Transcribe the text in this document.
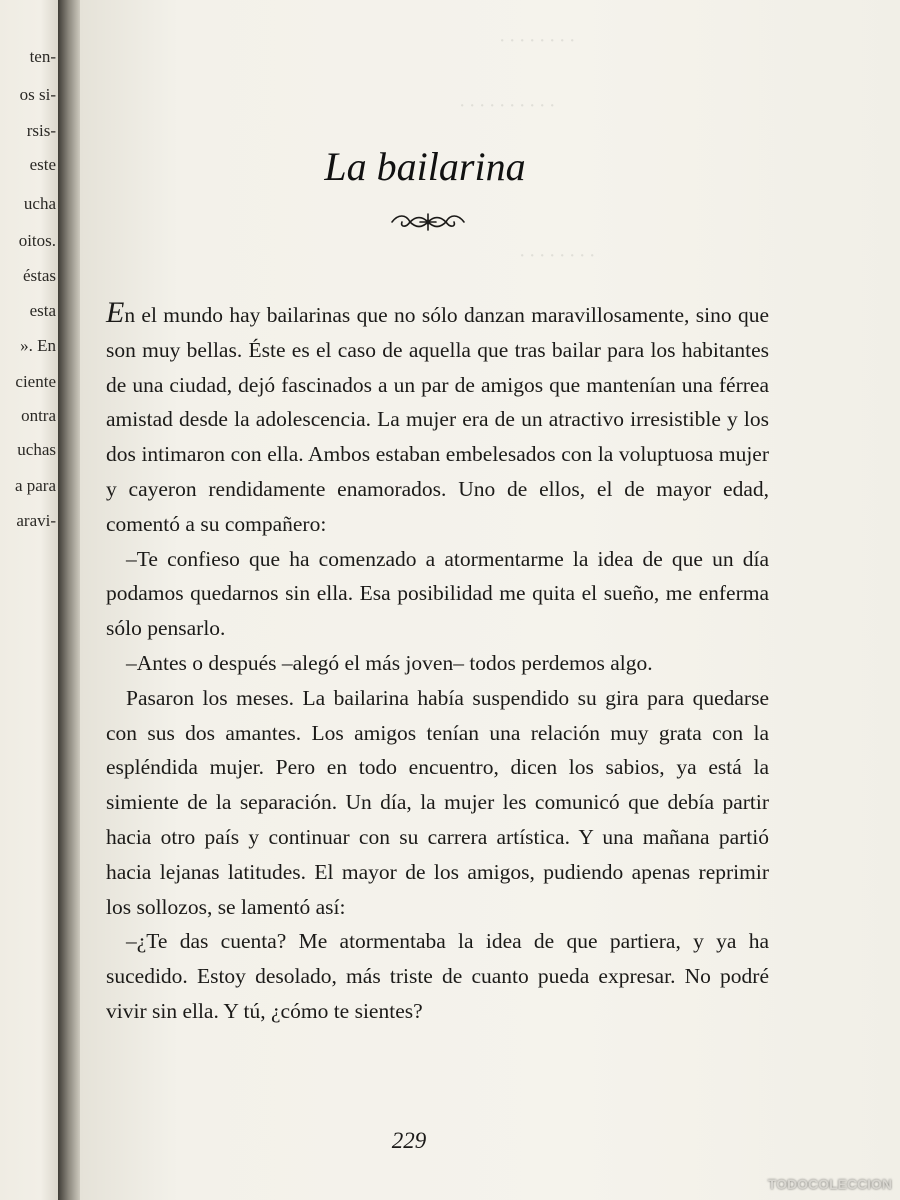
ten-
os si-
rsis-
este
ucha
oitos.
éstas
esta
». En
ciente
ontra
uchas
a para
aravi-
· · · · · · · ·
· · · · · · · · · ·
· · · · · · · ·
La bailarina

En el mundo hay bailarinas que no sólo danzan maravillosamente, sino que son muy bellas. Éste es el caso de aquella que tras bailar para los habitantes de una ciudad, dejó fascinados a un par de amigos que mantenían una férrea amistad desde la adolescencia. La mujer era de un atractivo irresistible y los dos intimaron con ella. Ambos estaban embelesados con la voluptuosa mujer y cayeron rendidamente enamorados. Uno de ellos, el de mayor edad, comentó a su compañero:

–Te confieso que ha comenzado a atormentarme la idea de que un día podamos quedarnos sin ella. Esa posibilidad me quita el sueño, me enferma sólo pensarlo.

–Antes o después –alegó el más joven– todos perdemos algo.

Pasaron los meses. La bailarina había suspendido su gira para quedarse con sus dos amantes. Los amigos tenían una relación muy grata con la espléndida mujer. Pero en todo encuentro, dicen los sabios, ya está la simiente de la separación. Un día, la mujer les comunicó que debía partir hacia otro país y continuar con su carrera artística. Y una mañana partió hacia lejanas latitudes. El mayor de los amigos, pudiendo apenas reprimir los sollozos, se lamentó así:

–¿Te das cuenta? Me atormentaba la idea de que partiera, y ya ha sucedido. Estoy desolado, más triste de cuanto pueda expresar. No podré vivir sin ella. Y tú, ¿cómo te sientes?

229
TODOCOLECCION
